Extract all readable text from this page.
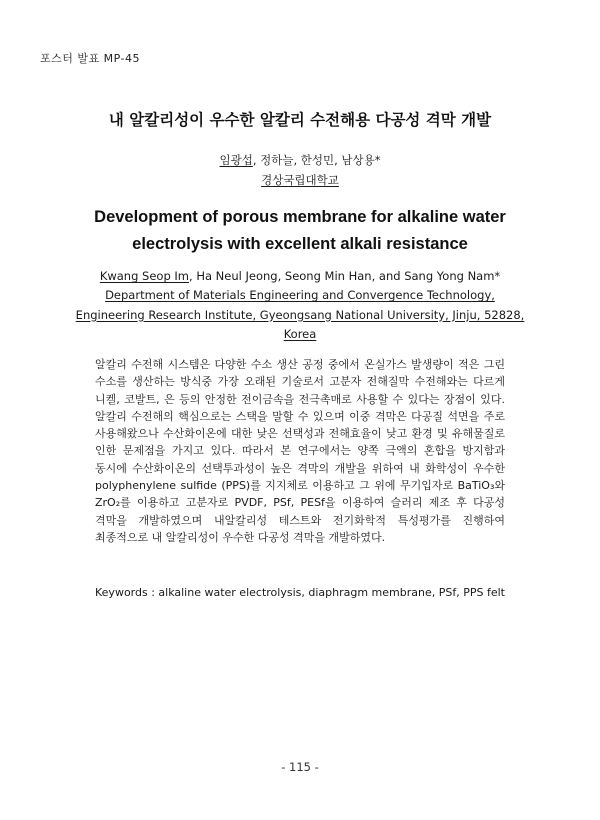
포스터 발표 MP-45
내 알칼리성이 우수한 알칼리 수전해용 다공성 격막 개발
임광섭, 정하늘, 한성민, 남상용*
경상국립대학교
Development of porous membrane for alkaline water
electrolysis with excellent alkali resistance
Kwang Seop Im, Ha Neul Jeong, Seong Min Han, and Sang Yong Nam*
Department of Materials Engineering and Convergence Technology,
Engineering Research Institute, Gyeongsang National University, Jinju, 52828,
Korea
알칼리 수전해 시스템은 다양한 수소 생산 공정 중에서 온실가스 발생량이 적은 그린 수소를 생산하는 방식중 가장 오래된 기술로서 고분자 전해질막 수전해와는 다르게 니켈, 코발트, 은 등의 안정한 전이금속을 전극촉매로 사용할 수 있다는 장점이 있다. 알칼리 수전해의 핵심으로는 스택을 말할 수 있으며 이중 격막은 다공질 석면을 주로 사용해왔으나 수산화이온에 대한 낮은 선택성과 전해효율이 낮고 환경 및 유해물질로 인한 문제점을 가지고 있다. 따라서 본 연구에서는 양쪽 극액의 혼합을 방지함과 동시에 수산화이온의 선택투과성이 높은 격막의 개발을 위하여 내 화학성이 우수한 polyphenylene sulfide (PPS)를 지지체로 이용하고 그 위에 무기입자로 BaTiO₃와 ZrO₂를 이용하고 고분자로 PVDF, PSf, PESf을 이용하여 슬러리 제조 후 다공성 격막을 개발하였으며 내알칼리성 테스트와 전기화학적 특성평가를 진행하여 최종적으로 내 알칼리성이 우수한 다공성 격막을 개발하였다.
Keywords : alkaline water electrolysis, diaphragm membrane, PSf, PPS felt
- 115 -
